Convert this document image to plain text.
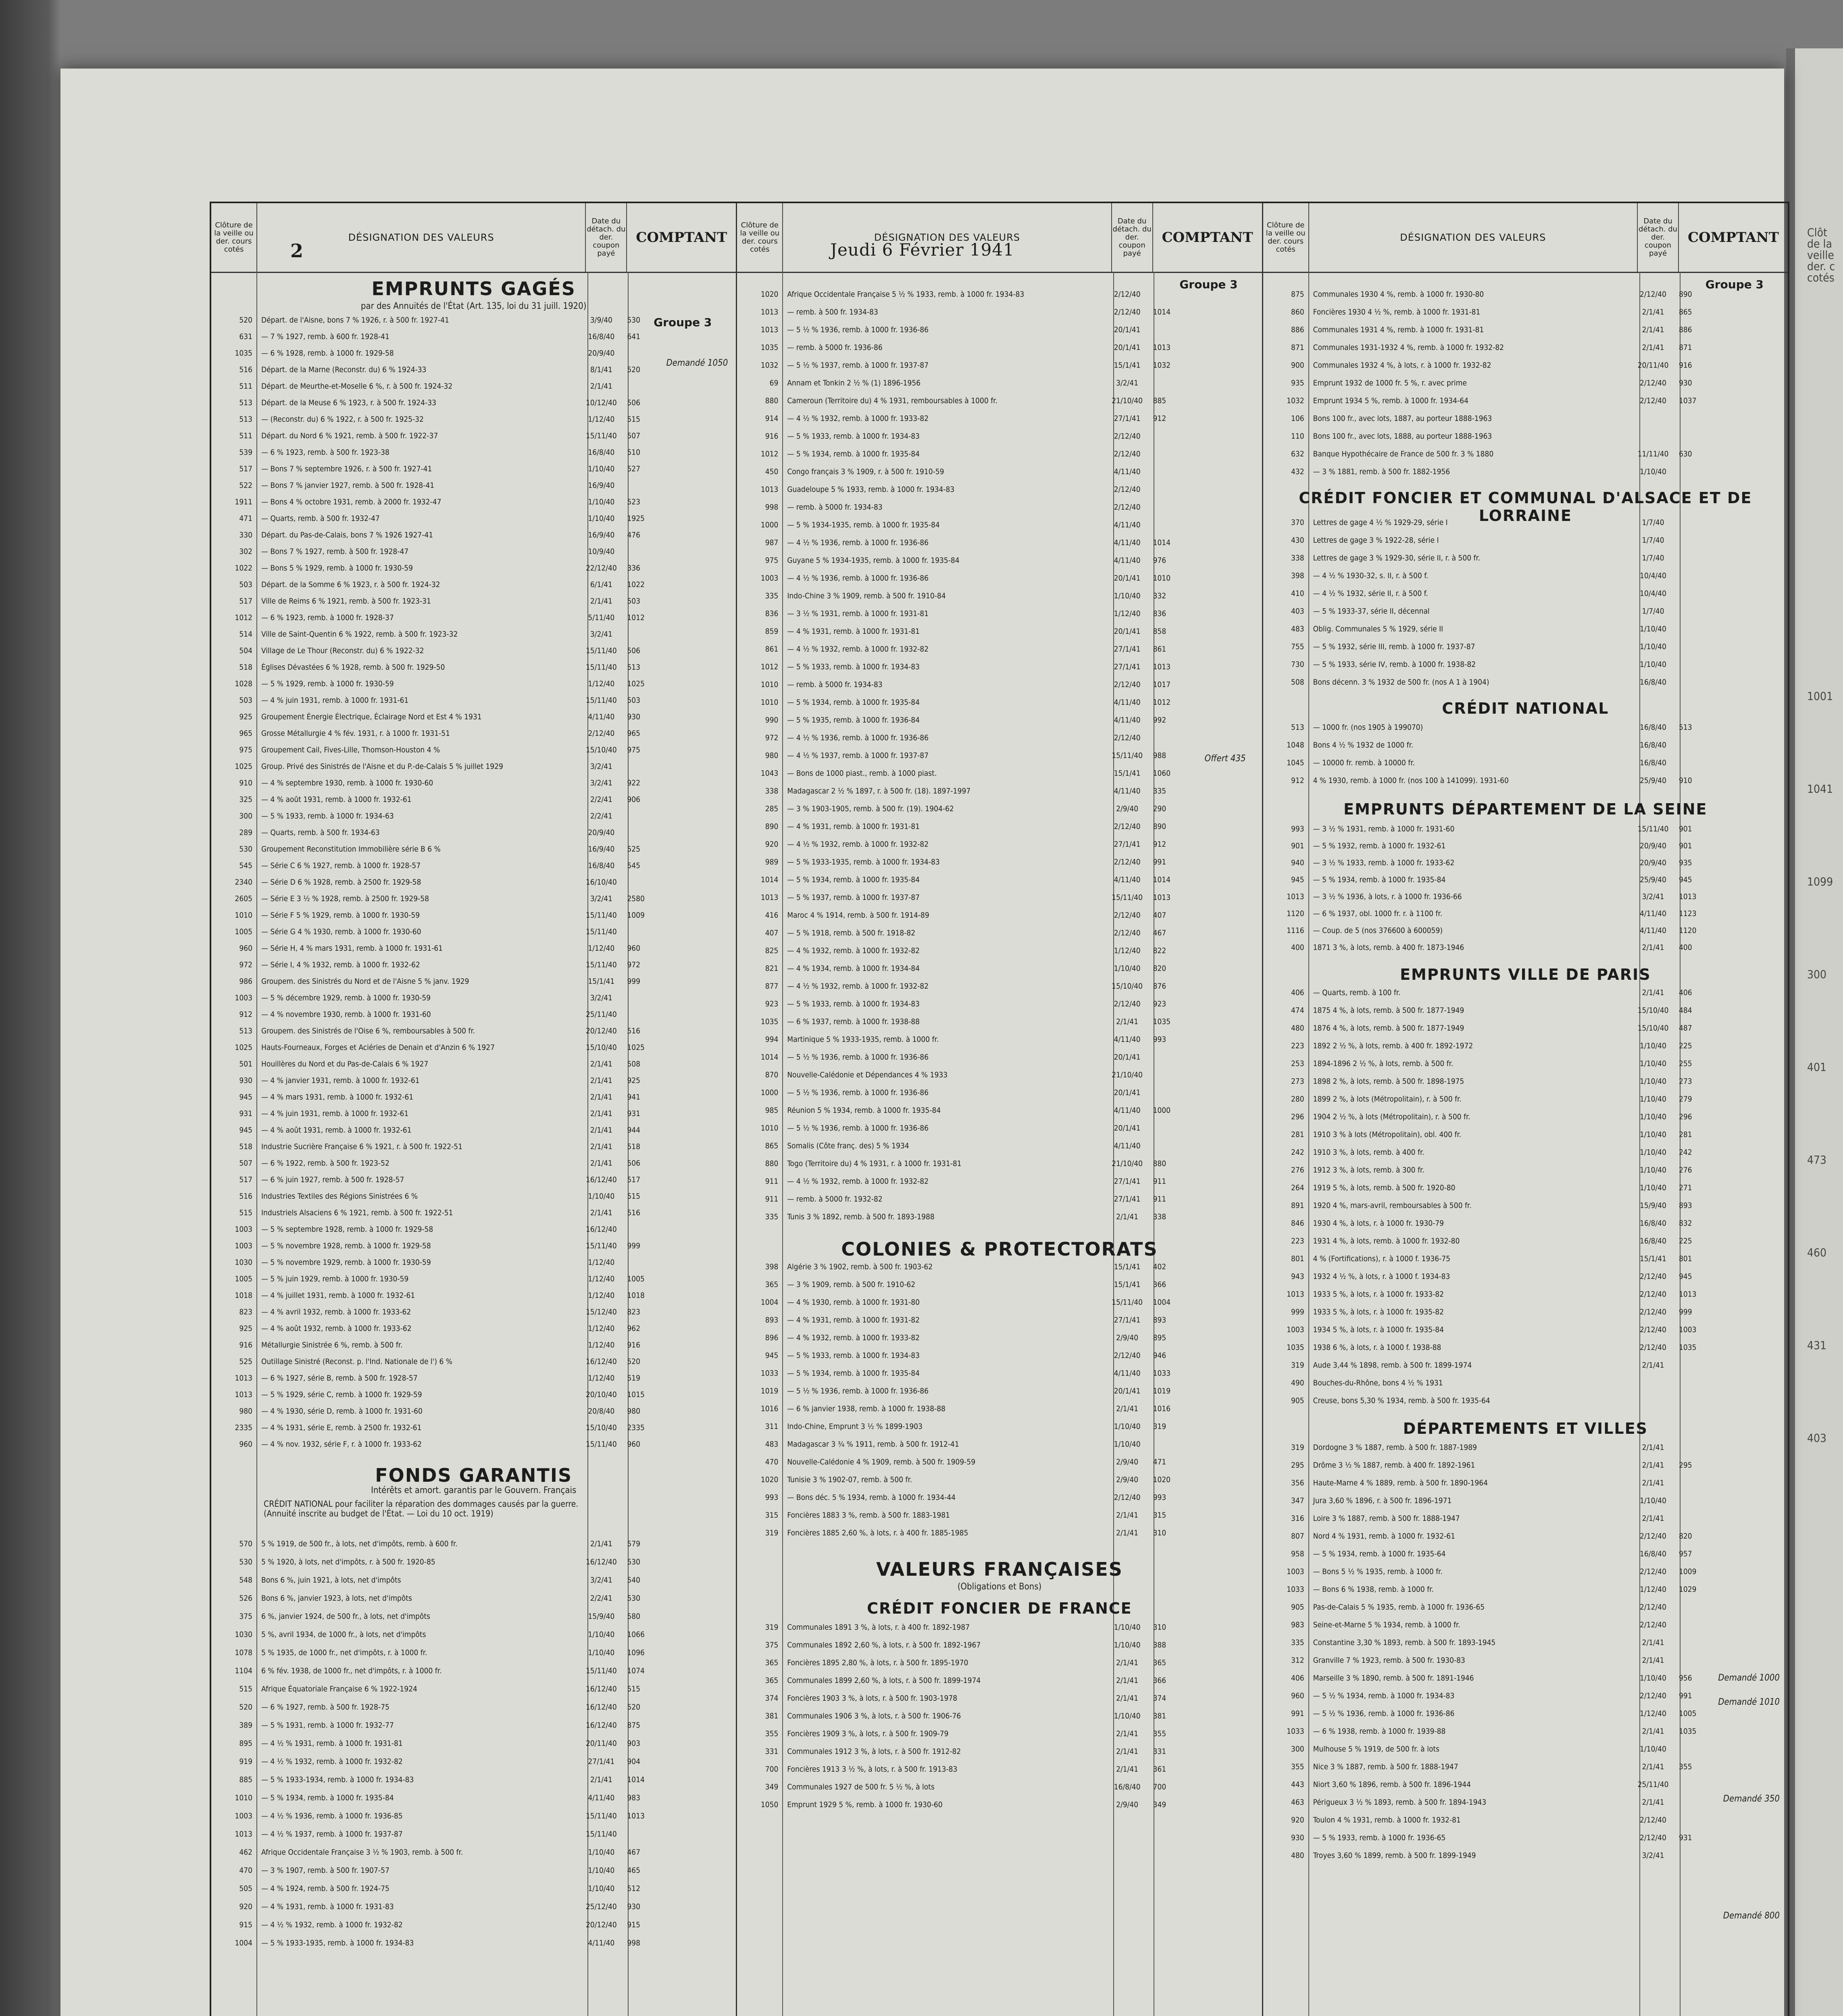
Clôt
de la
veille
der. c
cotés
1001
1041
1099
300
401
473
460
431
403
2	Jeudi 6 Février 1941
Clôture de la veille ou der. cours cotés
DÉSIGNATION DES VALEURS
Date du détach. du der. coupon payé
COMPTANT
EMPRUNTS GAGÉS
par des Annuités de l'État (Art. 135, loi du 31 juill. 1920)
Groupe 3
Demandé 1050
520	Départ. de l'Aisne, bons 7 % 1926, r. à 500 fr. 1927-41	3/9/40	530
631	— 7 % 1927, remb. à 600 fr. 1928-41	16/8/40	641
1035	— 6 % 1928, remb. à 1000 fr. 1929-58	20/9/40
516	Départ. de la Marne (Reconstr. du) 6 % 1924-33	8/1/41	520
511	Départ. de Meurthe-et-Moselle 6 %, r. à 500 fr. 1924-32	2/1/41
513	Départ. de la Meuse 6 % 1923, r. à 500 fr. 1924-33	10/12/40	506
513	— (Reconstr. du) 6 % 1922, r. à 500 fr. 1925-32	1/12/40	515
511	Départ. du Nord 6 % 1921, remb. à 500 fr. 1922-37	15/11/40	507
539	— 6 % 1923, remb. à 500 fr. 1923-38	16/8/40	510
517	— Bons 7 % septembre 1926, r. à 500 fr. 1927-41	1/10/40	527
522	— Bons 7 % janvier 1927, remb. à 500 fr. 1928-41	16/9/40
1911	— Bons 4 % octobre 1931, remb. à 2000 fr. 1932-47	1/10/40	523
471	— Quarts, remb. à 500 fr. 1932-47	1/10/40	1925
330	Départ. du Pas-de-Calais, bons 7 % 1926 1927-41	16/9/40	476
302	— Bons 7 % 1927, remb. à 500 fr. 1928-47	10/9/40
1022	— Bons 5 % 1929, remb. à 1000 fr. 1930-59	22/12/40	336
503	Départ. de la Somme 6 % 1923, r. à 500 fr. 1924-32	6/1/41	1022
517	Ville de Reims 6 % 1921, remb. à 500 fr. 1923-31	2/1/41	503
1012	— 6 % 1923, remb. à 1000 fr. 1928-37	5/11/40	1012
514	Ville de Saint-Quentin 6 % 1922, remb. à 500 fr. 1923-32	3/2/41
504	Village de Le Thour (Reconstr. du) 6 % 1922-32	15/11/40	506
518	Églises Dévastées 6 % 1928, remb. à 500 fr. 1929-50	15/11/40	513
1028	— 5 % 1929, remb. à 1000 fr. 1930-59	1/12/40	1025
503	— 4 % juin 1931, remb. à 1000 fr. 1931-61	15/11/40	503
925	Groupement Énergie Électrique, Éclairage Nord et Est 4 % 1931	4/11/40	930
965	Grosse Métallurgie 4 % fév. 1931, r. à 1000 fr. 1931-51	2/12/40	965
975	Groupement Cail, Fives-Lille, Thomson-Houston 4 %	15/10/40	975
1025	Group. Privé des Sinistrés de l'Aisne et du P.-de-Calais 5 % juillet 1929	3/2/41
910	— 4 % septembre 1930, remb. à 1000 fr. 1930-60	3/2/41	922
325	— 4 % août 1931, remb. à 1000 fr. 1932-61	2/2/41	906
300	— 5 % 1933, remb. à 1000 fr. 1934-63	2/2/41
289	— Quarts, remb. à 500 fr. 1934-63	20/9/40
530	Groupement Reconstitution Immobilière série B 6 %	16/9/40	525
545	— Série C 6 % 1927, remb. à 1000 fr. 1928-57	16/8/40	545
2340	— Série D 6 % 1928, remb. à 2500 fr. 1929-58	16/10/40
2605	— Série E 3 ½ % 1928, remb. à 2500 fr. 1929-58	3/2/41	2580
1010	— Série F 5 % 1929, remb. à 1000 fr. 1930-59	15/11/40	1009
1005	— Série G 4 % 1930, remb. à 1000 fr. 1930-60	15/11/40
960	— Série H, 4 % mars 1931, remb. à 1000 fr. 1931-61	1/12/40	960
972	— Série I, 4 % 1932, remb. à 1000 fr. 1932-62	15/11/40	972
986	Groupem. des Sinistrés du Nord et de l'Aisne 5 % janv. 1929	15/1/41	999
1003	— 5 % décembre 1929, remb. à 1000 fr. 1930-59	3/2/41
912	— 4 % novembre 1930, remb. à 1000 fr. 1931-60	25/11/40
513	Groupem. des Sinistrés de l'Oise 6 %, remboursables à 500 fr.	20/12/40	516
1025	Hauts-Fourneaux, Forges et Aciéries de Denain et d'Anzin 6 % 1927	15/10/40	1025
501	Houillères du Nord et du Pas-de-Calais 6 % 1927	2/1/41	508
930	— 4 % janvier 1931, remb. à 1000 fr. 1932-61	2/1/41	925
945	— 4 % mars 1931, remb. à 1000 fr. 1932-61	2/1/41	941
931	— 4 % juin 1931, remb. à 1000 fr. 1932-61	2/1/41	931
945	— 4 % août 1931, remb. à 1000 fr. 1932-61	2/1/41	944
518	Industrie Sucrière Française 6 % 1921, r. à 500 fr. 1922-51	2/1/41	518
507	— 6 % 1922, remb. à 500 fr. 1923-52	2/1/41	506
517	— 6 % juin 1927, remb. à 500 fr. 1928-57	16/12/40	517
516	Industries Textiles des Régions Sinistrées 6 %	1/10/40	515
515	Industriels Alsaciens 6 % 1921, remb. à 500 fr. 1922-51	2/1/41	516
1003	— 5 % septembre 1928, remb. à 1000 fr. 1929-58	16/12/40
1003	— 5 % novembre 1928, remb. à 1000 fr. 1929-58	15/11/40	999
1030	— 5 % novembre 1929, remb. à 1000 fr. 1930-59	1/12/40
1005	— 5 % juin 1929, remb. à 1000 fr. 1930-59	1/12/40	1005
1018	— 4 % juillet 1931, remb. à 1000 fr. 1932-61	1/12/40	1018
823	— 4 % avril 1932, remb. à 1000 fr. 1933-62	15/12/40	823
925	— 4 % août 1932, remb. à 1000 fr. 1933-62	1/12/40	962
916	Métallurgie Sinistrée 6 %, remb. à 500 fr.	1/12/40	916
525	Outillage Sinistré (Reconst. p. l'Ind. Nationale de l') 6 %	16/12/40	520
1013	— 6 % 1927, série B, remb. à 500 fr. 1928-57	1/12/40	519
1013	— 5 % 1929, série C, remb. à 1000 fr. 1929-59	20/10/40	1015
980	— 4 % 1930, série D, remb. à 1000 fr. 1931-60	20/8/40	980
2335	— 4 % 1931, série E, remb. à 2500 fr. 1932-61	15/10/40	2335
960	— 4 % nov. 1932, série F, r. à 1000 fr. 1933-62	15/11/40	960
FONDS GARANTIS
Intérêts et amort. garantis par le Gouvern. Français
CRÉDIT NATIONAL pour faciliter la réparation des dommages causés par la guerre. (Annuité inscrite au budget de l'État. — Loi du 10 oct. 1919)
570	5 % 1919, de 500 fr., à lots, net d'impôts, remb. à 600 fr.	2/1/41	579
530	5 % 1920, à lots, net d'impôts, r. à 500 fr. 1920-85	16/12/40	530
548	Bons 6 %, juin 1921, à lots, net d'impôts	3/2/41	540
526	Bons 6 %, janvier 1923, à lots, net d'impôts	2/2/41	530
375	6 %, janvier 1924, de 500 fr., à lots, net d'impôts	15/9/40	580
1030	5 %, avril 1934, de 1000 fr., à lots, net d'impôts	1/10/40	1066
1078	5 % 1935, de 1000 fr., net d'impôts, r. à 1000 fr.	1/10/40	1096
1104	6 % fév. 1938, de 1000 fr., net d'impôts, r. à 1000 fr.	15/11/40	1074
515	Afrique Équatoriale Française 6 % 1922-1924	16/12/40	515
520	— 6 % 1927, remb. à 500 fr. 1928-75	16/12/40	520
389	— 5 % 1931, remb. à 1000 fr. 1932-77	16/12/40	875
895	— 4 ½ % 1931, remb. à 1000 fr. 1931-81	20/11/40	903
919	— 4 ½ % 1932, remb. à 1000 fr. 1932-82	27/1/41	904
885	— 5 % 1933-1934, remb. à 1000 fr. 1934-83	2/1/41	1014
1010	— 5 % 1934, remb. à 1000 fr. 1935-84	4/11/40	983
1003	— 4 ½ % 1936, remb. à 1000 fr. 1936-85	15/11/40	1013
1013	— 4 ½ % 1937, remb. à 1000 fr. 1937-87	15/11/40
462	Afrique Occidentale Française 3 ½ % 1903, remb. à 500 fr.	1/10/40	467
470	— 3 % 1907, remb. à 500 fr. 1907-57	1/10/40	465
505	— 4 % 1924, remb. à 500 fr. 1924-75	1/10/40	512
920	— 4 % 1931, remb. à 1000 fr. 1931-83	25/12/40	930
915	— 4 ½ % 1932, remb. à 1000 fr. 1932-82	20/12/40	915
1004	— 5 % 1933-1935, remb. à 1000 fr. 1934-83	4/11/40	998
Clôture de la veille ou der. cours cotés
DÉSIGNATION DES VALEURS
Date du détach. du der. coupon payé
COMPTANT
Groupe 3
1020	Afrique Occidentale Française 5 ½ % 1933, remb. à 1000 fr. 1934-83	2/12/40
1013	— remb. à 500 fr. 1934-83	2/12/40	1014
1013	— 5 ½ % 1936, remb. à 1000 fr. 1936-86	20/1/41
1035	— remb. à 5000 fr. 1936-86	20/1/41	1013
1032	— 5 ½ % 1937, remb. à 1000 fr. 1937-87	15/1/41	1032
69	Annam et Tonkin 2 ½ % (1) 1896-1956	3/2/41
880	Cameroun (Territoire du) 4 % 1931, remboursables à 1000 fr.	21/10/40	885
914	— 4 ½ % 1932, remb. à 1000 fr. 1933-82	27/1/41	912
916	— 5 % 1933, remb. à 1000 fr. 1934-83	2/12/40
1012	— 5 % 1934, remb. à 1000 fr. 1935-84	2/12/40
450	Congo français 3 % 1909, r. à 500 fr. 1910-59	4/11/40
1013	Guadeloupe 5 % 1933, remb. à 1000 fr. 1934-83	2/12/40
998	— remb. à 5000 fr. 1934-83	2/12/40
1000	— 5 % 1934-1935, remb. à 1000 fr. 1935-84	4/11/40
987	— 4 ½ % 1936, remb. à 1000 fr. 1936-86	4/11/40	1014
975	Guyane 5 % 1934-1935, remb. à 1000 fr. 1935-84	4/11/40	976
1003	— 4 ½ % 1936, remb. à 1000 fr. 1936-86	20/1/41	1010
335	Indo-Chine 3 % 1909, remb. à 500 fr. 1910-84	1/10/40	332
836	— 3 ½ % 1931, remb. à 1000 fr. 1931-81	1/12/40	836
859	— 4 % 1931, remb. à 1000 fr. 1931-81	20/1/41	858
861	— 4 ½ % 1932, remb. à 1000 fr. 1932-82	27/1/41	861
1012	— 5 % 1933, remb. à 1000 fr. 1934-83	27/1/41	1013
1010	— remb. à 5000 fr. 1934-83	2/12/40	1017
1010	— 5 % 1934, remb. à 1000 fr. 1935-84	4/11/40	1012
990	— 5 % 1935, remb. à 1000 fr. 1936-84	4/11/40	992
972	— 4 ½ % 1936, remb. à 1000 fr. 1936-86	2/12/40
980	— 4 ½ % 1937, remb. à 1000 fr. 1937-87	15/11/40	988
1043	— Bons de 1000 piast., remb. à 1000 piast.	15/1/41	1060
338	Madagascar 2 ½ % 1897, r. à 500 fr. (18). 1897-1997	4/11/40	335
285	— 3 % 1903-1905, remb. à 500 fr. (19). 1904-62	2/9/40	290
890	— 4 % 1931, remb. à 1000 fr. 1931-81	2/12/40	890
920	— 4 ½ % 1932, remb. à 1000 fr. 1932-82	27/1/41	912
989	— 5 % 1933-1935, remb. à 1000 fr. 1934-83	2/12/40	991
1014	— 5 % 1934, remb. à 1000 fr. 1935-84	4/11/40	1014
1013	— 5 % 1937, remb. à 1000 fr. 1937-87	15/11/40	1013
416	Maroc 4 % 1914, remb. à 500 fr. 1914-89	2/12/40	407
407	— 5 % 1918, remb. à 500 fr. 1918-82	2/12/40	467
825	— 4 % 1932, remb. à 1000 fr. 1932-82	1/12/40	822
821	— 4 % 1934, remb. à 1000 fr. 1934-84	1/10/40	820
877	— 4 ½ % 1932, remb. à 1000 fr. 1932-82	15/10/40	876
923	— 5 % 1933, remb. à 1000 fr. 1934-83	2/12/40	923
1035	— 6 % 1937, remb. à 1000 fr. 1938-88	2/1/41	1035
994	Martinique 5 % 1933-1935, remb. à 1000 fr.	4/11/40	993
1014	— 5 ½ % 1936, remb. à 1000 fr. 1936-86	20/1/41
870	Nouvelle-Calédonie et Dépendances 4 % 1933	21/10/40
1000	— 5 ½ % 1936, remb. à 1000 fr. 1936-86	20/1/41
985	Réunion 5 % 1934, remb. à 1000 fr. 1935-84	4/11/40	1000
1010	— 5 ½ % 1936, remb. à 1000 fr. 1936-86	20/1/41
865	Somalis (Côte franç. des) 5 % 1934	4/11/40
880	Togo (Territoire du) 4 % 1931, r. à 1000 fr. 1931-81	21/10/40	880
911	— 4 ½ % 1932, remb. à 1000 fr. 1932-82	27/1/41	911
911	— remb. à 5000 fr. 1932-82	27/1/41	911
335	Tunis 3 % 1892, remb. à 500 fr. 1893-1988	2/1/41	338
COLONIES & PROTECTORATS
398	Algérie 3 % 1902, remb. à 500 fr. 1903-62	15/1/41	402
365	— 3 % 1909, remb. à 500 fr. 1910-62	15/1/41	366
1004	— 4 % 1930, remb. à 1000 fr. 1931-80	15/11/40	1004
893	— 4 % 1931, remb. à 1000 fr. 1931-82	27/1/41	893
896	— 4 % 1932, remb. à 1000 fr. 1933-82	2/9/40	895
945	— 5 % 1933, remb. à 1000 fr. 1934-83	2/12/40	946
1033	— 5 % 1934, remb. à 1000 fr. 1935-84	4/11/40	1033
1019	— 5 ½ % 1936, remb. à 1000 fr. 1936-86	20/1/41	1019
1016	— 6 % janvier 1938, remb. à 1000 fr. 1938-88	2/1/41	1016
311	Indo-Chine, Emprunt 3 ½ % 1899-1903	1/10/40	319
483	Madagascar 3 ¾ % 1911, remb. à 500 fr. 1912-41	1/10/40
470	Nouvelle-Calédonie 4 % 1909, remb. à 500 fr. 1909-59	2/9/40	471
1020	Tunisie 3 % 1902-07, remb. à 500 fr.	2/9/40	1020
993	— Bons déc. 5 % 1934, remb. à 1000 fr. 1934-44	2/12/40	993
315	Foncières 1883 3 %, remb. à 500 fr. 1883-1981	2/1/41	315
319	Foncières 1885 2,60 %, à lots, r. à 400 fr. 1885-1985	2/1/41	310
VALEURS FRANÇAISES
(Obligations et Bons)
CRÉDIT FONCIER DE FRANCE
319	Communales 1891 3 %, à lots, r. à 400 fr. 1892-1987	1/10/40	310
375	Communales 1892 2,60 %, à lots, r. à 500 fr. 1892-1967	1/10/40	388
365	Foncières 1895 2,80 %, à lots, r. à 500 fr. 1895-1970	2/1/41	365
365	Communales 1899 2,60 %, à lots, r. à 500 fr. 1899-1974	2/1/41	366
374	Foncières 1903 3 %, à lots, r. à 500 fr. 1903-1978	2/1/41	374
381	Communales 1906 3 %, à lots, r. à 500 fr. 1906-76	1/10/40	381
355	Foncières 1909 3 %, à lots, r. à 500 fr. 1909-79	2/1/41	355
331	Communales 1912 3 %, à lots, r. à 500 fr. 1912-82	2/1/41	331
700	Foncières 1913 3 ½ %, à lots, r. à 500 fr. 1913-83	2/1/41	361
349	Communales 1927 de 500 fr. 5 ½ %, à lots	16/8/40	700
1050	Emprunt 1929 5 %, remb. à 1000 fr. 1930-60	2/9/40	349
Offert 435
Clôture de la veille ou der. cours cotés
DÉSIGNATION DES VALEURS
Date du détach. du der. coupon payé
COMPTANT
Groupe 3
875	Communales 1930 4 %, remb. à 1000 fr. 1930-80	2/12/40	890
860	Foncières 1930 4 ½ %, remb. à 1000 fr. 1931-81	2/1/41	865
886	Communales 1931 4 %, remb. à 1000 fr. 1931-81	2/1/41	886
871	Communales 1931-1932 4 %, remb. à 1000 fr. 1932-82	2/1/41	871
900	Communales 1932 4 %, à lots, r. à 1000 fr. 1932-82	20/11/40	916
935	Emprunt 1932 de 1000 fr. 5 %, r. avec prime	2/12/40	930
1032	Emprunt 1934 5 %, remb. à 1000 fr. 1934-64	2/12/40	1037
106	Bons 100 fr., avec lots, 1887, au porteur 1888-1963
110	Bons 100 fr., avec lots, 1888, au porteur 1888-1963
632	Banque Hypothécaire de France de 500 fr. 3 % 1880	11/11/40	630
432	— 3 % 1881, remb. à 500 fr. 1882-1956	1/10/40
CRÉDIT FONCIER ET COMMUNAL D'ALSACE ET DE LORRAINE
370	Lettres de gage 4 ½ % 1929-29, série I	1/7/40
430	Lettres de gage 3 % 1922-28, série I	1/7/40
338	Lettres de gage 3 % 1929-30, série II, r. à 500 fr.	1/7/40
398	— 4 ½ % 1930-32, s. II, r. à 500 f.	10/4/40
410	— 4 ½ % 1932, série II, r. à 500 f.	10/4/40
403	— 5 % 1933-37, série II, décennal	1/7/40
483	Oblig. Communales 5 % 1929, série II	1/10/40
755	— 5 % 1932, série III, remb. à 1000 fr. 1937-87	1/10/40
730	— 5 % 1933, série IV, remb. à 1000 fr. 1938-82	1/10/40
508	Bons décenn. 3 % 1932 de 500 fr. (nos A 1 à 1904)	16/8/40
CRÉDIT NATIONAL
513	— 1000 fr. (nos 1905 à 199070)	16/8/40	513
1048	Bons 4 ½ % 1932 de 1000 fr.	16/8/40
1045	— 10000 fr. remb. à 10000 fr.	16/8/40
912	4 % 1930, remb. à 1000 fr. (nos 100 à 141099). 1931-60	25/9/40	910
EMPRUNTS DÉPARTEMENT DE LA SEINE
993	— 3 ½ % 1931, remb. à 1000 fr. 1931-60	15/11/40	901
901	— 5 % 1932, remb. à 1000 fr. 1932-61	20/9/40	901
940	— 3 ½ % 1933, remb. à 1000 fr. 1933-62	20/9/40	935
945	— 5 % 1934, remb. à 1000 fr. 1935-84	25/9/40	945
1013	— 3 ½ % 1936, à lots, r. à 1000 fr. 1936-66	3/2/41	1013
1120	— 6 % 1937, obl. 1000 fr. r. à 1100 fr.	4/11/40	1123
1116	— Coup. de 5 (nos 376600 à 600059)	4/11/40	1120
400	1871 3 %, à lots, remb. à 400 fr. 1873-1946	2/1/41	400
EMPRUNTS VILLE DE PARIS
406	— Quarts, remb. à 100 fr.	2/1/41	406
474	1875 4 %, à lots, remb. à 500 fr. 1877-1949	15/10/40	484
480	1876 4 %, à lots, remb. à 500 fr. 1877-1949	15/10/40	487
223	1892 2 ½ %, à lots, remb. à 400 fr. 1892-1972	1/10/40	225
253	1894-1896 2 ½ %, à lots, remb. à 500 fr.	1/10/40	255
273	1898 2 %, à lots, remb. à 500 fr. 1898-1975	1/10/40	273
280	1899 2 %, à lots (Métropolitain), r. à 500 fr.	1/10/40	279
296	1904 2 ½ %, à lots (Métropolitain), r. à 500 fr.	1/10/40	296
281	1910 3 % à lots (Métropolitain), obl. 400 fr.	1/10/40	281
242	1910 3 %, à lots, remb. à 400 fr.	1/10/40	242
276	1912 3 %, à lots, remb. à 300 fr.	1/10/40	276
264	1919 5 %, à lots, remb. à 500 fr. 1920-80	1/10/40	271
891	1920 4 %, mars-avril, remboursables à 500 fr.	15/9/40	893
846	1930 4 %, à lots, r. à 1000 fr. 1930-79	16/8/40	832
223	1931 4 %, à lots, remb. à 1000 fr. 1932-80	16/8/40	225
801	4 % (Fortifications), r. à 1000 f. 1936-75	15/1/41	801
943	1932 4 ½ %, à lots, r. à 1000 f. 1934-83	2/12/40	945
1013	1933 5 %, à lots, r. à 1000 fr. 1933-82	2/12/40	1013
999	1933 5 %, à lots, r. à 1000 fr. 1935-82	2/12/40	999
1003	1934 5 %, à lots, r. à 1000 fr. 1935-84	2/12/40	1003
1035	1938 6 %, à lots, r. à 1000 f. 1938-88	2/12/40	1035
319	Aude 3,44 % 1898, remb. à 500 fr. 1899-1974	2/1/41
490	Bouches-du-Rhône, bons 4 ½ % 1931
905	Creuse, bons 5,30 % 1934, remb. à 500 fr. 1935-64
DÉPARTEMENTS ET VILLES
319	Dordogne 3 % 1887, remb. à 500 fr. 1887-1989	2/1/41
295	Drôme 3 ½ % 1887, remb. à 400 fr. 1892-1961	2/1/41	295
356	Haute-Marne 4 % 1889, remb. à 500 fr. 1890-1964	2/1/41
347	Jura 3,60 % 1896, r. à 500 fr. 1896-1971	1/10/40
316	Loire 3 % 1887, remb. à 500 fr. 1888-1947	2/1/41
807	Nord 4 % 1931, remb. à 1000 fr. 1932-61	2/12/40	820
958	— 5 % 1934, remb. à 1000 fr. 1935-64	16/8/40	957
1003	— Bons 5 ½ % 1935, remb. à 1000 fr.	2/12/40	1009
1033	— Bons 6 % 1938, remb. à 1000 fr.	1/12/40	1029
905	Pas-de-Calais 5 % 1935, remb. à 1000 fr. 1936-65	2/12/40
983	Seine-et-Marne 5 % 1934, remb. à 1000 fr.	2/12/40
335	Constantine 3,30 % 1893, remb. à 500 fr. 1893-1945	2/1/41
312	Granville 7 % 1923, remb. à 500 fr. 1930-83	2/1/41
406	Marseille 3 % 1890, remb. à 500 fr. 1891-1946	1/10/40	956
960	— 5 ½ % 1934, remb. à 1000 fr. 1934-83	2/12/40	991
991	— 5 ½ % 1936, remb. à 1000 fr. 1936-86	1/12/40	1005
1033	— 6 % 1938, remb. à 1000 fr. 1939-88	2/1/41	1035
300	Mulhouse 5 % 1919, de 500 fr. à lots	1/10/40
355	Nice 3 % 1887, remb. à 500 fr. 1888-1947	2/1/41	355
443	Niort 3,60 % 1896, remb. à 500 fr. 1896-1944	25/11/40
463	Périgueux 3 ½ % 1893, remb. à 500 fr. 1894-1943	2/1/41
920	Toulon 4 % 1931, remb. à 1000 fr. 1932-81	2/12/40
930	— 5 % 1933, remb. à 1000 fr. 1936-65	2/12/40	931
480	Troyes 3,60 % 1899, remb. à 500 fr. 1899-1949	3/2/41
Demandé 1000
Demandé 1010
Demandé 350
Demandé 800
